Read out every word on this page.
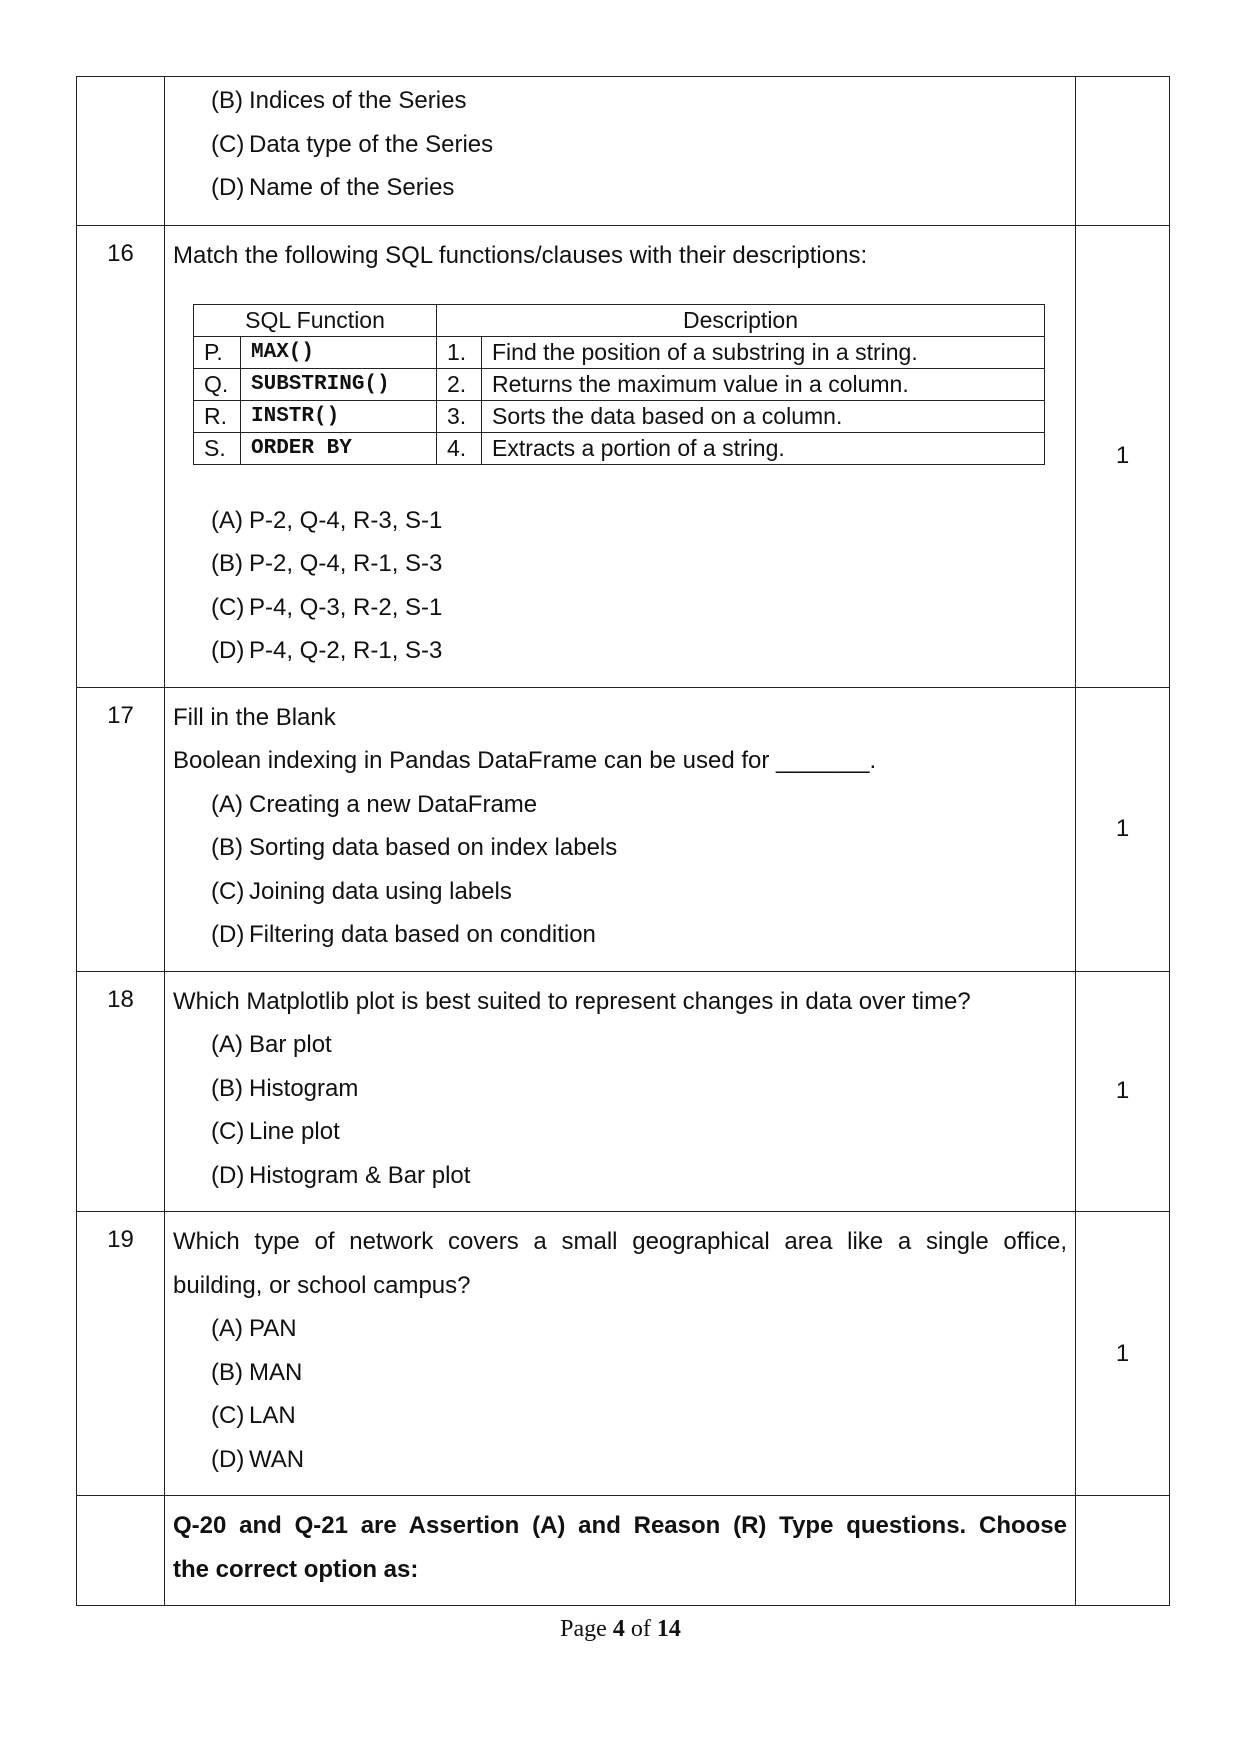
(B) Indices of the Series
(C) Data type of the Series
(D) Name of the Series

16	Match the following SQL functions/clauses with their descriptions:
SQL Function	Description
P.	MAX()	1.	Find the position of a substring in a string.
Q.	SUBSTRING()	2.	Returns the maximum value in a column.
R.	INSTR()	3.	Sorts the data based on a column.
S.	ORDER BY	4.	Extracts a portion of a string.
(A) P-2, Q-4, R-3, S-1
(B) P-2, Q-4, R-1, S-3
(C) P-4, Q-3, R-2, S-1
(D) P-4, Q-2, R-1, S-3
	1
17	Fill in the Blank
Boolean indexing in Pandas DataFrame can be used for _______.
(A) Creating a new DataFrame
(B) Sorting data based on index labels
(C) Joining data using labels
(D) Filtering data based on condition
	1
18	Which Matplotlib plot is best suited to represent changes in data over time?
(A) Bar plot
(B) Histogram
(C) Line plot
(D) Histogram & Bar plot
	1
19	Which type of network covers a small geographical area like a single office,
building, or school campus?
(A) PAN
(B) MAN
(C) LAN
(D) WAN
	1

Q-20 and Q-21 are Assertion (A) and Reason (R) Type questions. Choose
the correct option as:

Page 4 of 14
